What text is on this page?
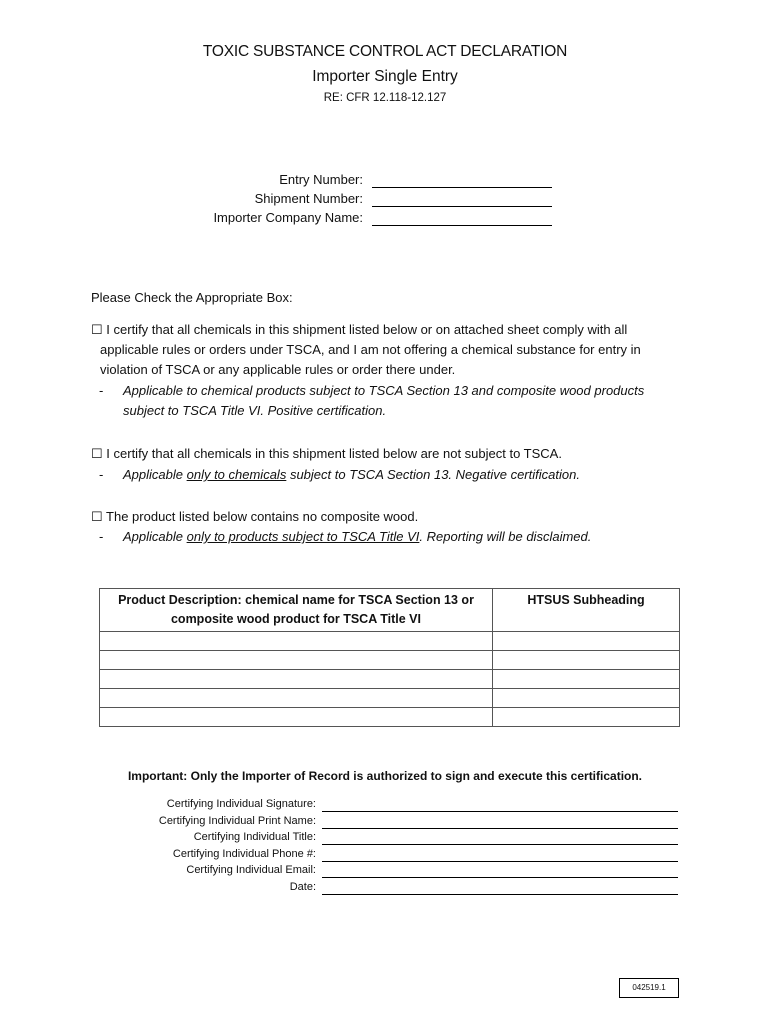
TOXIC SUBSTANCE CONTROL ACT DECLARATION
Importer Single Entry
RE: CFR 12.118-12.127
Entry Number:
Shipment Number:
Importer Company Name:
Please Check the Appropriate Box:
☐ I certify that all chemicals in this shipment listed below or on attached sheet comply with all
applicable rules or orders under TSCA, and I am not offering a chemical substance for entry in
violation of TSCA or any applicable rules or order there under.
- Applicable to chemical products subject to TSCA Section 13 and composite wood products
subject to TSCA Title VI. Positive certification.
☐ I certify that all chemicals in this shipment listed below are not subject to TSCA.
- Applicable only to chemicals subject to TSCA Section 13. Negative certification.
☐ The product listed below contains no composite wood.
- Applicable only to products subject to TSCA Title VI. Reporting will be disclaimed.
Product Description: chemical name for TSCA Section 13 or
composite wood product for TSCA Title VI	HTSUS Subheading

Important: Only the Importer of Record is authorized to sign and execute this certification.
Certifying Individual Signature:
Certifying Individual Print Name:
Certifying Individual Title:
Certifying Individual Phone #:
Certifying Individual Email:
Date:
042519.1
